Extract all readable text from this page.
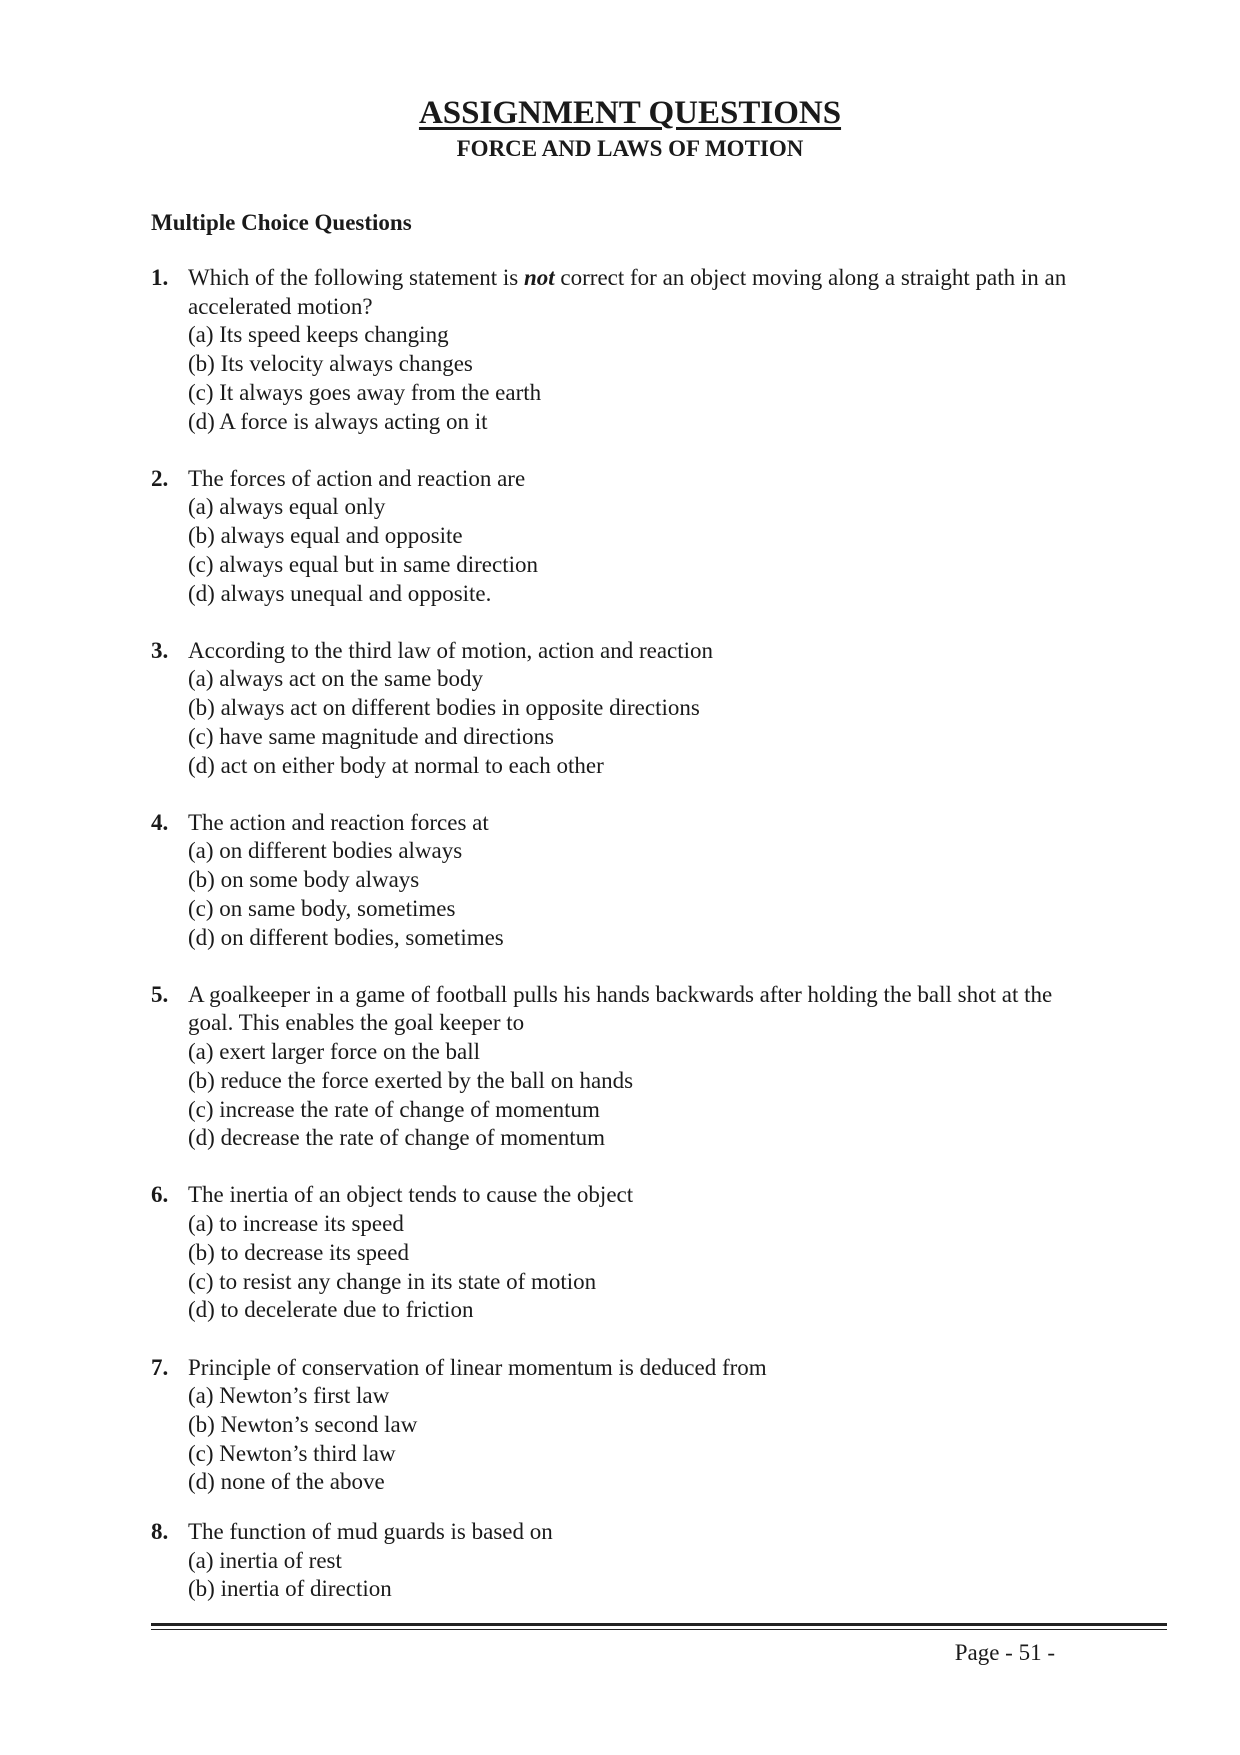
ASSIGNMENT QUESTIONS
FORCE AND LAWS OF MOTION
Multiple Choice Questions
1. Which of the following statement is not correct for an object moving along a straight path in an accelerated motion?
(a) Its speed keeps changing
(b) Its velocity always changes
(c) It always goes away from the earth
(d) A force is always acting on it
2. The forces of action and reaction are
(a) always equal only
(b) always equal and opposite
(c) always equal but in same direction
(d) always unequal and opposite.
3. According to the third law of motion, action and reaction
(a) always act on the same body
(b) always act on different bodies in opposite directions
(c) have same magnitude and directions
(d) act on either body at normal to each other
4. The action and reaction forces at
(a) on different bodies always
(b) on some body always
(c) on same body, sometimes
(d) on different bodies, sometimes
5. A goalkeeper in a game of football pulls his hands backwards after holding the ball shot at the goal. This enables the goal keeper to
(a) exert larger force on the ball
(b) reduce the force exerted by the ball on hands
(c) increase the rate of change of momentum
(d) decrease the rate of change of momentum
6. The inertia of an object tends to cause the object
(a) to increase its speed
(b) to decrease its speed
(c) to resist any change in its state of motion
(d) to decelerate due to friction
7. Principle of conservation of linear momentum is deduced from
(a) Newton’s first law
(b) Newton’s second law
(c) Newton’s third law
(d) none of the above
8. The function of mud guards is based on
(a) inertia of rest
(b) inertia of direction
Page - 51 -
